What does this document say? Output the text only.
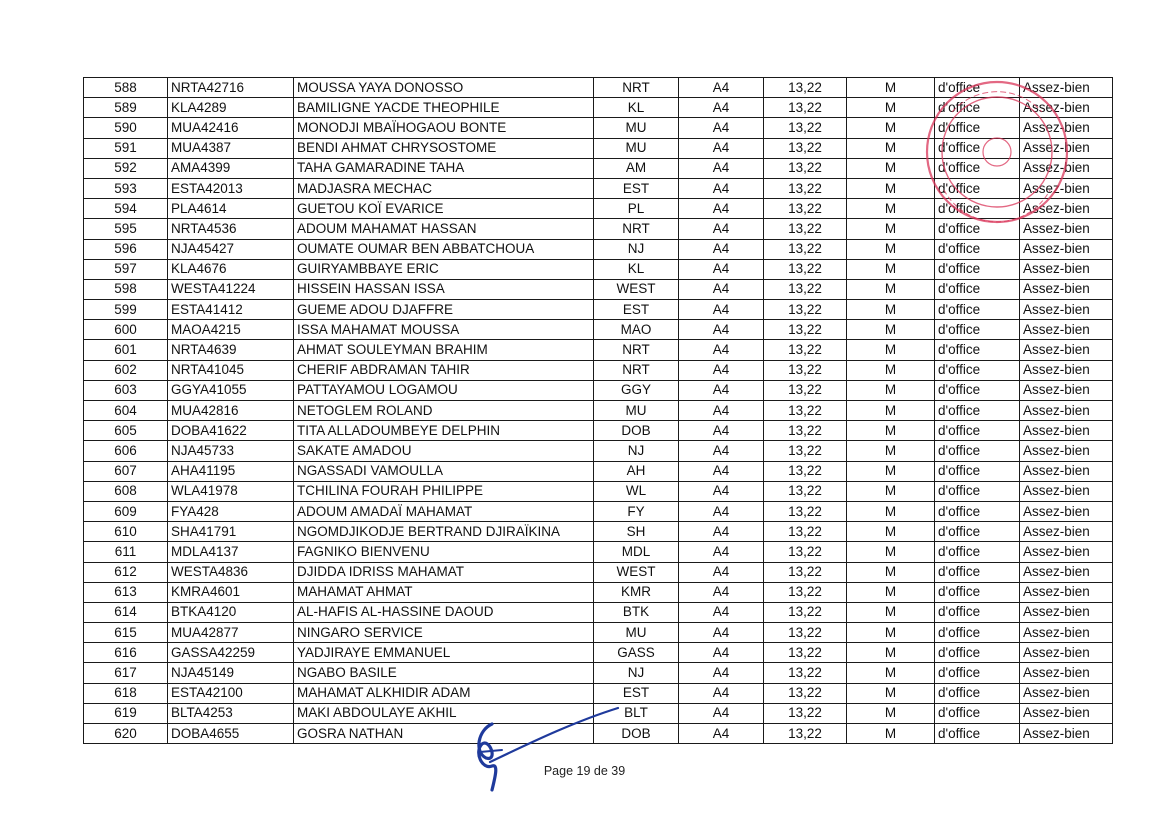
588	NRTA42716	MOUSSA YAYA DONOSSO	NRT	A4	13,22	M	d'office	Assez-bien
589	KLA4289	BAMILIGNE YACDE THEOPHILE	KL	A4	13,22	M	d'office	Assez-bien
590	MUA42416	MONODJI MBAÏHOGAOU BONTE	MU	A4	13,22	M	d'office	Assez-bien
591	MUA4387	BENDI AHMAT CHRYSOSTOME	MU	A4	13,22	M	d'office	Assez-bien
592	AMA4399	TAHA GAMARADINE TAHA	AM	A4	13,22	M	d'office	Assez-bien
593	ESTA42013	MADJASRA MECHAC	EST	A4	13,22	M	d'office	Assez-bien
594	PLA4614	GUETOU KOÏ EVARICE	PL	A4	13,22	M	d'office	Assez-bien
595	NRTA4536	ADOUM MAHAMAT HASSAN	NRT	A4	13,22	M	d'office	Assez-bien
596	NJA45427	OUMATE OUMAR BEN ABBATCHOUA	NJ	A4	13,22	M	d'office	Assez-bien
597	KLA4676	GUIRYAMBBAYE ERIC	KL	A4	13,22	M	d'office	Assez-bien
598	WESTA41224	HISSEIN HASSAN ISSA	WEST	A4	13,22	M	d'office	Assez-bien
599	ESTA41412	GUEME ADOU DJAFFRE	EST	A4	13,22	M	d'office	Assez-bien
600	MAOA4215	ISSA MAHAMAT MOUSSA	MAO	A4	13,22	M	d'office	Assez-bien
601	NRTA4639	AHMAT SOULEYMAN BRAHIM	NRT	A4	13,22	M	d'office	Assez-bien
602	NRTA41045	CHERIF ABDRAMAN TAHIR	NRT	A4	13,22	M	d'office	Assez-bien
603	GGYA41055	PATTAYAMOU LOGAMOU	GGY	A4	13,22	M	d'office	Assez-bien
604	MUA42816	NETOGLEM ROLAND	MU	A4	13,22	M	d'office	Assez-bien
605	DOBA41622	TITA ALLADOUMBEYE DELPHIN	DOB	A4	13,22	M	d'office	Assez-bien
606	NJA45733	SAKATE AMADOU	NJ	A4	13,22	M	d'office	Assez-bien
607	AHA41195	NGASSADI VAMOULLA	AH	A4	13,22	M	d'office	Assez-bien
608	WLA41978	TCHILINA FOURAH PHILIPPE	WL	A4	13,22	M	d'office	Assez-bien
609	FYA428	ADOUM AMADAÏ MAHAMAT	FY	A4	13,22	M	d'office	Assez-bien
610	SHA41791	NGOMDJIKODJE BERTRAND DJIRAÏKINA	SH	A4	13,22	M	d'office	Assez-bien
611	MDLA4137	FAGNIKO BIENVENU	MDL	A4	13,22	M	d'office	Assez-bien
612	WESTA4836	DJIDDA IDRISS MAHAMAT	WEST	A4	13,22	M	d'office	Assez-bien
613	KMRA4601	MAHAMAT AHMAT	KMR	A4	13,22	M	d'office	Assez-bien
614	BTKA4120	AL-HAFIS AL-HASSINE DAOUD	BTK	A4	13,22	M	d'office	Assez-bien
615	MUA42877	NINGARO SERVICE	MU	A4	13,22	M	d'office	Assez-bien
616	GASSA42259	YADJIRAYE EMMANUEL	GASS	A4	13,22	M	d'office	Assez-bien
617	NJA45149	NGABO BASILE	NJ	A4	13,22	M	d'office	Assez-bien
618	ESTA42100	MAHAMAT ALKHIDIR ADAM	EST	A4	13,22	M	d'office	Assez-bien
619	BLTA4253	MAKI ABDOULAYE AKHIL	BLT	A4	13,22	M	d'office	Assez-bien
620	DOBA4655	GOSRA NATHAN	DOB	A4	13,22	M	d'office	Assez-bien
Page 19 de 39
